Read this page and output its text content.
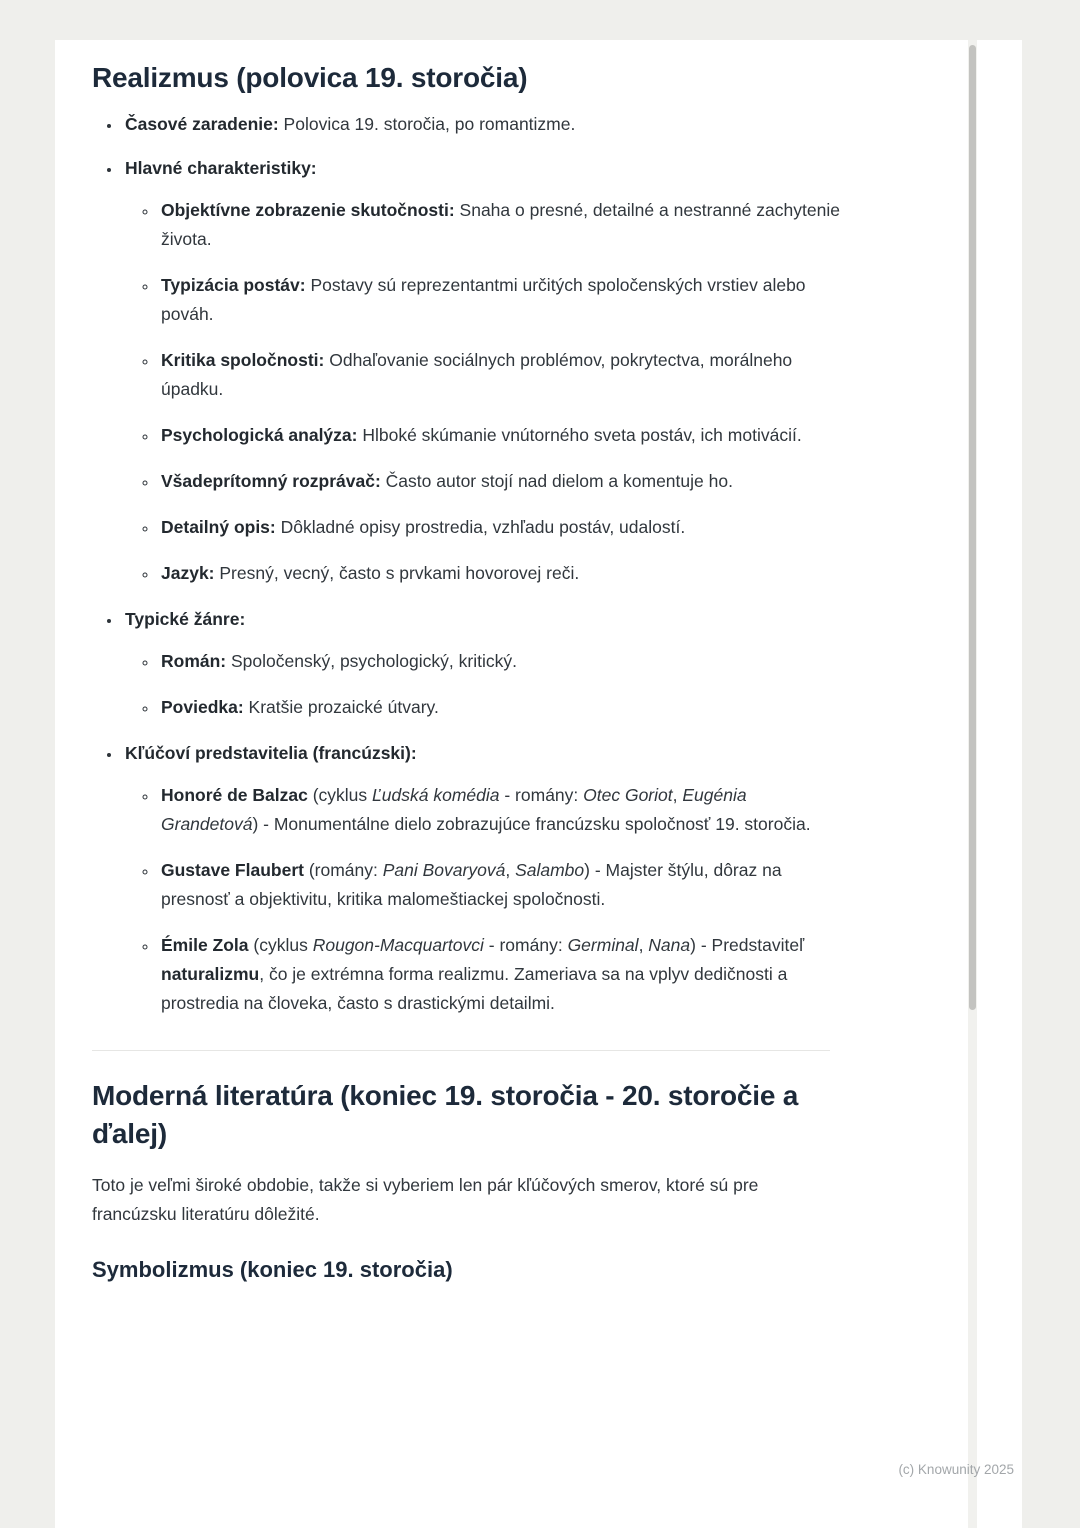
Realizmus (polovica 19. storočia)
• Časové zaradenie: Polovica 19. storočia, po romantizme.
• Hlavné charakteristiky:
◦ Objektívne zobrazenie skutočnosti: Snaha o presné, detailné a nestranné zachytenie života.
◦ Typizácia postáv: Postavy sú reprezentantmi určitých spoločenských vrstiev alebo pováh.
◦ Kritika spoločnosti: Odhaľovanie sociálnych problémov, pokrytectva, morálneho úpadku.
◦ Psychologická analýza: Hlboké skúmanie vnútorného sveta postáv, ich motivácií.
◦ Všadeprítomný rozprávač: Často autor stojí nad dielom a komentuje ho.
◦ Detailný opis: Dôkladné opisy prostredia, vzhľadu postáv, udalostí.
◦ Jazyk: Presný, vecný, často s prvkami hovorovej reči.
• Typické žánre:
◦ Román: Spoločenský, psychologický, kritický.
◦ Poviedka: Kratšie prozaické útvary.
• Kľúčoví predstavitelia (francúzski):
◦ Honoré de Balzac (cyklus Ľudská komédia - romány: Otec Goriot, Eugénia Grandetová) - Monumentálne dielo zobrazujúce francúzsku spoločnosť 19. storočia.
◦ Gustave Flaubert (romány: Pani Bovaryová, Salambo) - Majster štýlu, dôraz na presnosť a objektivitu, kritika malomeštiackej spoločnosti.
◦ Émile Zola (cyklus Rougon-Macquartovci - romány: Germinal, Nana) - Predstaviteľ naturalizmu, čo je extrémna forma realizmu. Zameriava sa na vplyv dedičnosti a prostredia na človeka, často s drastickými detailmi.
Moderná literatúra (koniec 19. storočia - 20. storočie a ďalej)

Toto je veľmi široké obdobie, takže si vyberiem len pár kľúčových smerov, ktoré sú pre francúzsku literatúru dôležité.

Symbolizmus (koniec 19. storočia)
(c) Knowunity 2025
